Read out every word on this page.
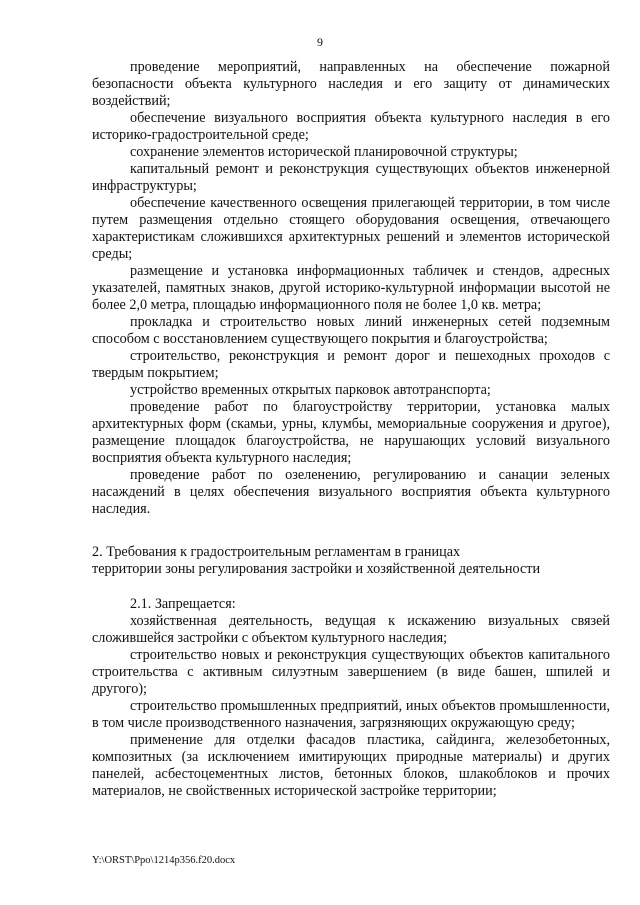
9

проведение мероприятий, направленных на обеспечение пожарной безопасности объекта культурного наследия и его защиту от динамических воздействий;

обеспечение визуального восприятия объекта культурного наследия в его историко-градостроительной среде;

сохранение элементов исторической планировочной структуры;

капитальный ремонт и реконструкция существующих объектов инженерной инфраструктуры;

обеспечение качественного освещения прилегающей территории, в том числе путем размещения отдельно стоящего оборудования освещения, отвечающего характеристикам сложившихся архитектурных решений и элементов исторической среды;

размещение и установка информационных табличек и стендов, адресных указателей, памятных знаков, другой историко-культурной информации высотой не более 2,0 метра, площадью информационного поля не более 1,0 кв. метра;

прокладка и строительство новых линий инженерных сетей подземным способом с восстановлением существующего покрытия и благоустройства;

строительство, реконструкция и ремонт дорог и пешеходных проходов с твердым покрытием;

устройство временных открытых парковок автотранспорта;

проведение работ по благоустройству территории, установка малых архитектурных форм (скамьи, урны, клумбы, мемориальные сооружения и другое), размещение площадок благоустройства, не нарушающих условий визуального восприятия объекта культурного наследия;

проведение работ по озеленению, регулированию и санации зеленых насаждений в целях обеспечения визуального восприятия объекта культурного наследия.

2. Требования к градостроительным регламентам в границах

территории зоны регулирования застройки и хозяйственной деятельности

2.1. Запрещается:

хозяйственная деятельность, ведущая к искажению визуальных связей сложившейся застройки с объектом культурного наследия;

строительство новых и реконструкция существующих объектов капитального строительства с активным силуэтным завершением (в виде башен, шпилей и другого);

строительство промышленных предприятий, иных объектов промышленности, в том числе производственного назначения, загрязняющих окружающую среду;

применение для отделки фасадов пластика, сайдинга, железобетонных, композитных (за исключением имитирующих природные материалы) и других панелей, асбестоцементных листов, бетонных блоков, шлакоблоков и прочих материалов, не свойственных исторической застройке территории;

Y:\ORST\Ppo\1214p356.f20.docx
